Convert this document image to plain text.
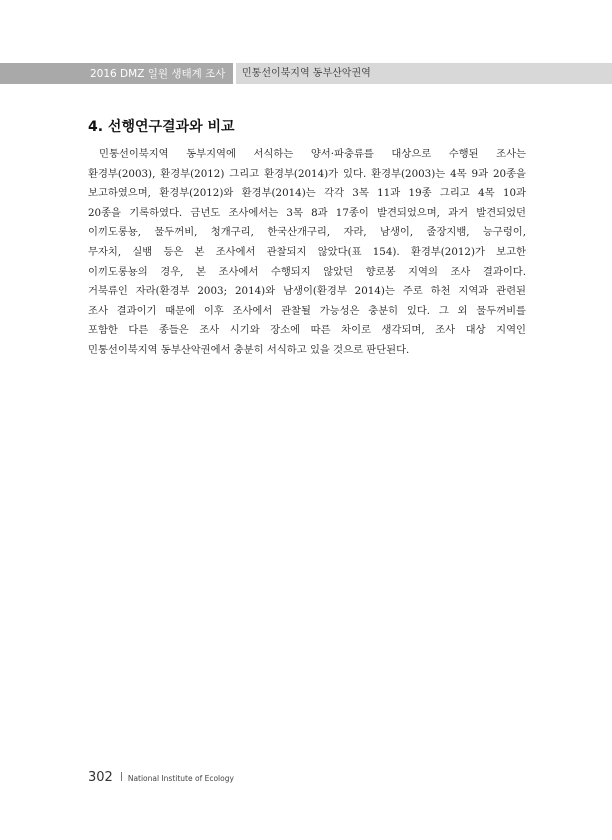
2016 DMZ 일원 생태계 조사 민통선이북지역 동부산악권역
4. 선행연구결과와 비교
민통선이북지역 동부지역에 서식하는 양서·파충류를 대상으로 수행된 조사는
환경부(2003), 환경부(2012) 그리고 환경부(2014)가 있다. 환경부(2003)는 4목 9과 20종을
보고하였으며, 환경부(2012)와 환경부(2014)는 각각 3목 11과 19종 그리고 4목 10과
20종을 기록하였다. 금년도 조사에서는 3목 8과 17종이 발견되었으며, 과거 발견되었던
이끼도롱뇽, 물두꺼비, 청개구리, 한국산개구리, 자라, 남생이, 줄장지뱀, 능구렁이,
무자치, 실뱀 등은 본 조사에서 관찰되지 않았다(표 154). 환경부(2012)가 보고한
이끼도롱뇽의 경우, 본 조사에서 수행되지 않았던 향로봉 지역의 조사 결과이다.
거북류인 자라(환경부 2003; 2014)와 남생이(환경부 2014)는 주로 하천 지역과 관련된
조사 결과이기 때문에 이후 조사에서 관찰될 가능성은 충분히 있다. 그 외 물두꺼비를
포함한 다른 종들은 조사 시기와 장소에 따른 차이로 생각되며, 조사 대상 지역인
민통선이북지역 동부산악권에서 충분히 서식하고 있을 것으로 판단된다.
302 National Institute of Ecology
